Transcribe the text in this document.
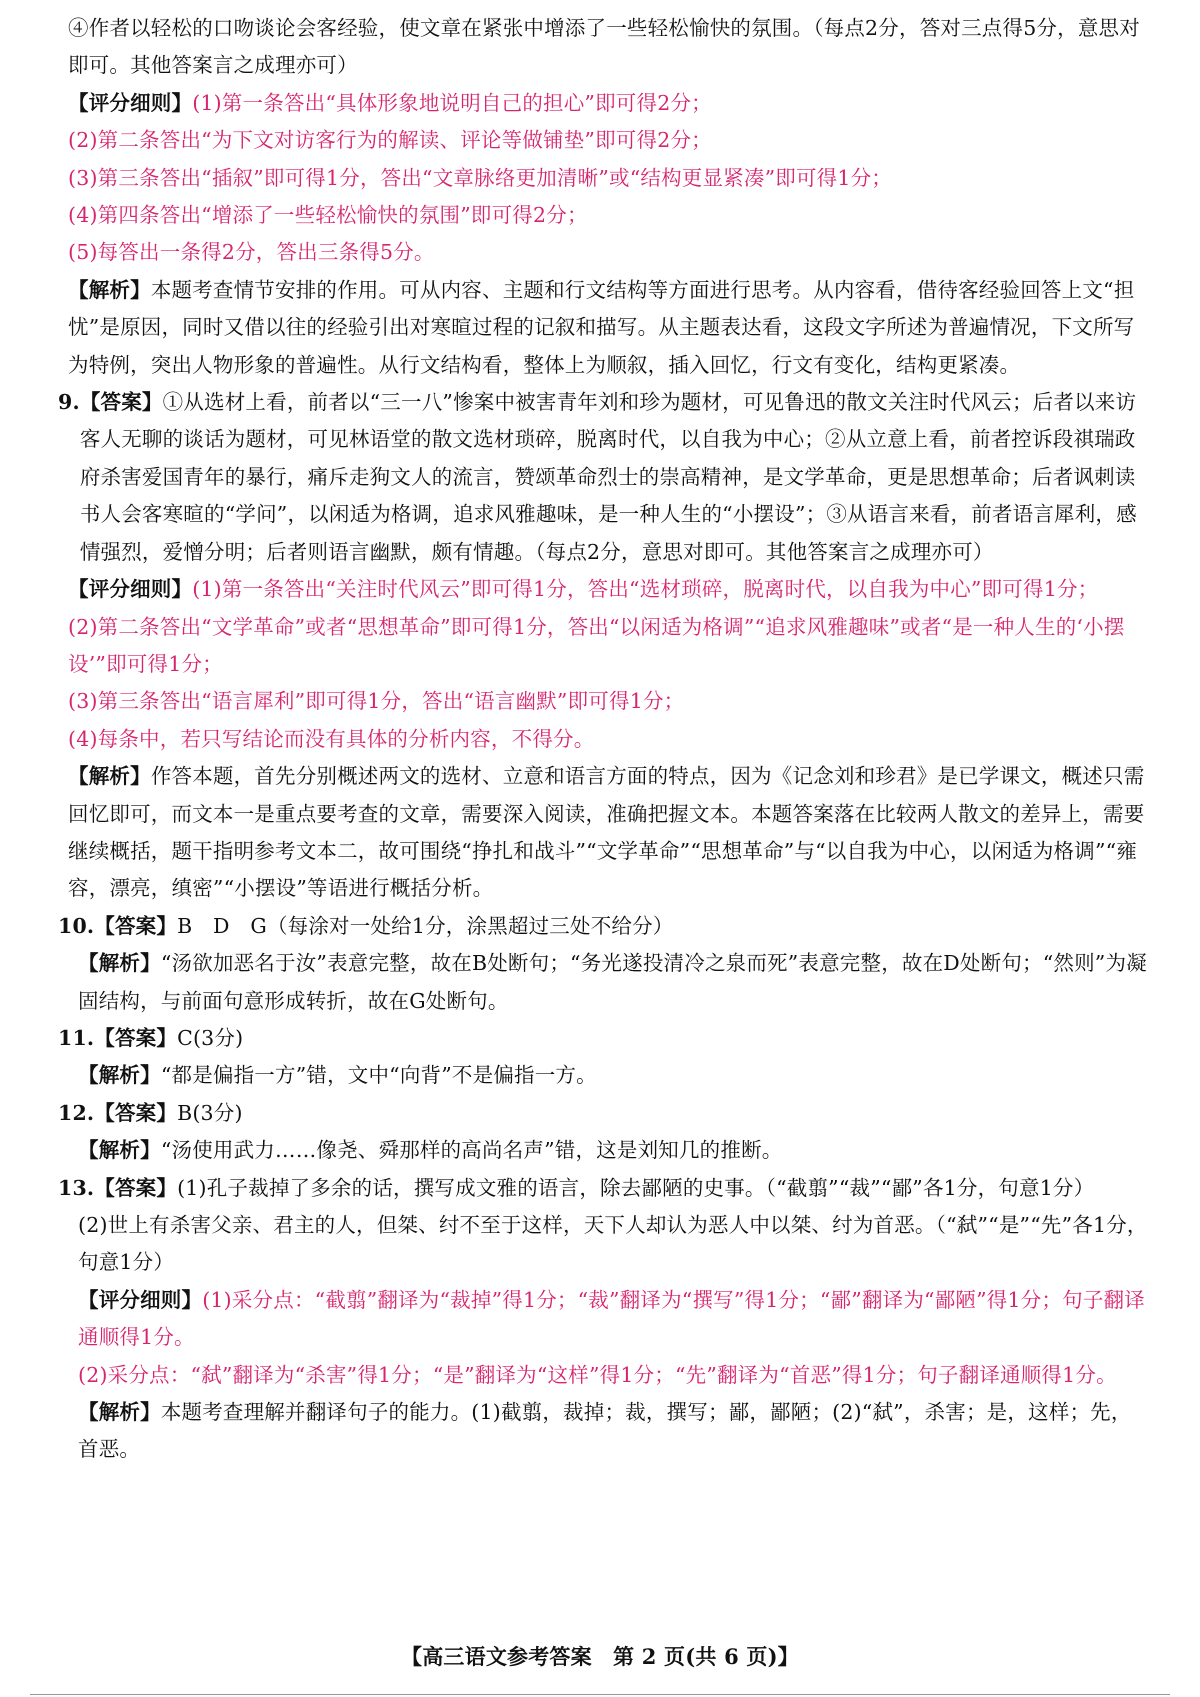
④作者以轻松的口吻谈论会客经验，使文章在紧张中增添了一些轻松愉快的氛围。（每点2分，答对三点得5分，意思对即可。其他答案言之成理亦可）

【评分细则】(1)第一条答出“具体形象地说明自己的担心”即可得2分；

(2)第二条答出“为下文对访客行为的解读、评论等做铺垫”即可得2分；

(3)第三条答出“插叙”即可得1分，答出“文章脉络更加清晰”或“结构更显紧凑”即可得1分；

(4)第四条答出“增添了一些轻松愉快的氛围”即可得2分；

(5)每答出一条得2分，答出三条得5分。

【解析】本题考查情节安排的作用。可从内容、主题和行文结构等方面进行思考。从内容看，借待客经验回答上文“担忧”是原因，同时又借以往的经验引出对寒暄过程的记叙和描写。从主题表达看，这段文字所述为普遍情况，下文所写为特例，突出人物形象的普遍性。从行文结构看，整体上为顺叙，插入回忆，行文有变化，结构更紧凑。

9. 【答案】①从选材上看，前者以“三一八”惨案中被害青年刘和珍为题材，可见鲁迅的散文关注时代风云；后者以来访客人无聊的谈话为题材，可见林语堂的散文选材琐碎，脱离时代，以自我为中心；②从立意上看，前者控诉段祺瑞政府杀害爱国青年的暴行，痛斥走狗文人的流言，赞颂革命烈士的崇高精神，是文学革命，更是思想革命；后者讽刺读书人会客寒暄的“学问”，以闲适为格调，追求风雅趣味，是一种人生的“小摆设”；③从语言来看，前者语言犀利，感情强烈，爱憎分明；后者则语言幽默，颇有情趣。（每点2分，意思对即可。其他答案言之成理亦可）

【评分细则】(1)第一条答出“关注时代风云”即可得1分，答出“选材琐碎，脱离时代，以自我为中心”即可得1分；

(2)第二条答出“文学革命”或者“思想革命”即可得1分，答出“以闲适为格调”“追求风雅趣味”或者“是一种人生的‘小摆设’”即可得1分；

(3)第三条答出“语言犀利”即可得1分，答出“语言幽默”即可得1分；

(4)每条中，若只写结论而没有具体的分析内容，不得分。

【解析】作答本题，首先分别概述两文的选材、立意和语言方面的特点，因为《记念刘和珍君》是已学课文，概述只需回忆即可，而文本一是重点要考查的文章，需要深入阅读，准确把握文本。本题答案落在比较两人散文的差异上，需要继续概括，题干指明参考文本二，故可围绕“挣扎和战斗”“文学革命”“思想革命”与“以自我为中心，以闲适为格调”“雍容，漂亮，缜密”“小摆设”等语进行概括分析。

10. 【答案】B　D　G（每涂对一处给1分，涂黑超过三处不给分）

【解析】“汤欲加恶名于汝”表意完整，故在B处断句；“务光遂投清冷之泉而死”表意完整，故在D处断句；“然则”为凝固结构，与前面句意形成转折，故在G处断句。

11. 【答案】C(3分)

【解析】“都是偏指一方”错，文中“向背”不是偏指一方。

12. 【答案】B(3分)

【解析】“汤使用武力……像尧、舜那样的高尚名声”错，这是刘知几的推断。

13. 【答案】(1)孔子裁掉了多余的话，撰写成文雅的语言，除去鄙陋的史事。（“截翦”“裁”“鄙”各1分，句意1分）

(2)世上有杀害父亲、君主的人，但桀、纣不至于这样，天下人却认为恶人中以桀、纣为首恶。（“弑”“是”“先”各1分，句意1分）

【评分细则】(1)采分点：“截翦”翻译为“裁掉”得1分；“裁”翻译为“撰写”得1分；“鄙”翻译为“鄙陋”得1分；句子翻译通顺得1分。

(2)采分点：“弑”翻译为“杀害”得1分；“是”翻译为“这样”得1分；“先”翻译为“首恶”得1分；句子翻译通顺得1分。

【解析】本题考查理解并翻译句子的能力。(1)截翦，裁掉；裁，撰写；鄙，鄙陋；(2)“弑”，杀害；是，这样；先，首恶。

【高三语文参考答案　第 2 页(共 6 页)】
